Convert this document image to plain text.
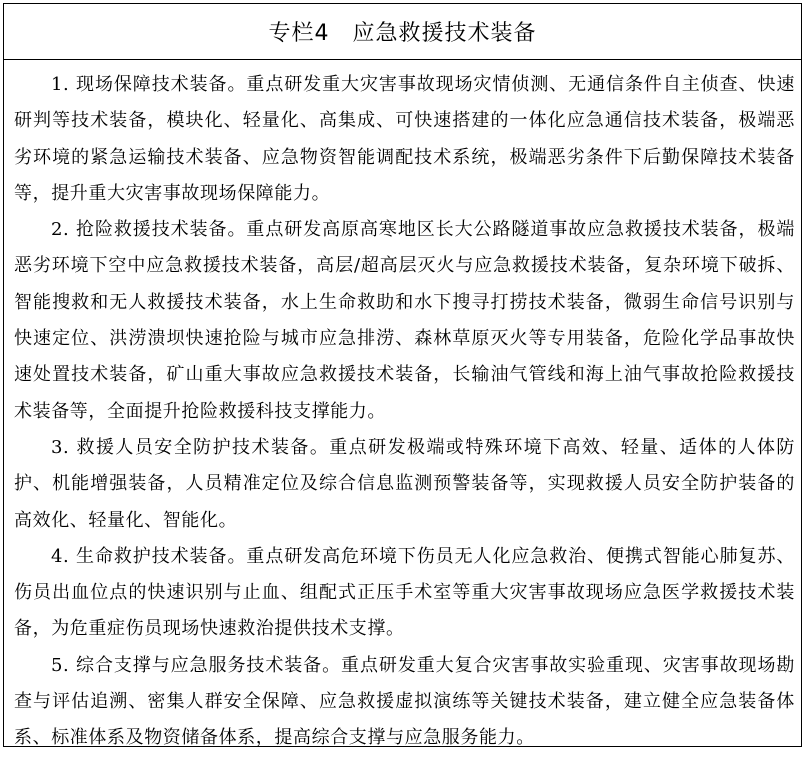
专栏4　应急救援技术装备

1. 现场保障技术装备。重点研发重大灾害事故现场灾情侦测、无通信条件自主侦查、快速研判等技术装备，模块化、轻量化、高集成、可快速搭建的一体化应急通信技术装备，极端恶劣环境的紧急运输技术装备、应急物资智能调配技术系统，极端恶劣条件下后勤保障技术装备等，提升重大灾害事故现场保障能力。

2. 抢险救援技术装备。重点研发高原高寒地区长大公路隧道事故应急救援技术装备，极端恶劣环境下空中应急救援技术装备，高层/超高层灭火与应急救援技术装备，复杂环境下破拆、智能搜救和无人救援技术装备，水上生命救助和水下搜寻打捞技术装备，微弱生命信号识别与快速定位、洪涝溃坝快速抢险与城市应急排涝、森林草原灭火等专用装备，危险化学品事故快速处置技术装备，矿山重大事故应急救援技术装备，长输油气管线和海上油气事故抢险救援技术装备等，全面提升抢险救援科技支撑能力。

3. 救援人员安全防护技术装备。重点研发极端或特殊环境下高效、轻量、适体的人体防护、机能增强装备，人员精准定位及综合信息监测预警装备等，实现救援人员安全防护装备的高效化、轻量化、智能化。

4. 生命救护技术装备。重点研发高危环境下伤员无人化应急救治、便携式智能心肺复苏、伤员出血位点的快速识别与止血、组配式正压手术室等重大灾害事故现场应急医学救援技术装备，为危重症伤员现场快速救治提供技术支撑。

5. 综合支撑与应急服务技术装备。重点研发重大复合灾害事故实验重现、灾害事故现场勘查与评估追溯、密集人群安全保障、应急救援虚拟演练等关键技术装备，建立健全应急装备体系、标准体系及物资储备体系，提高综合支撑与应急服务能力。
